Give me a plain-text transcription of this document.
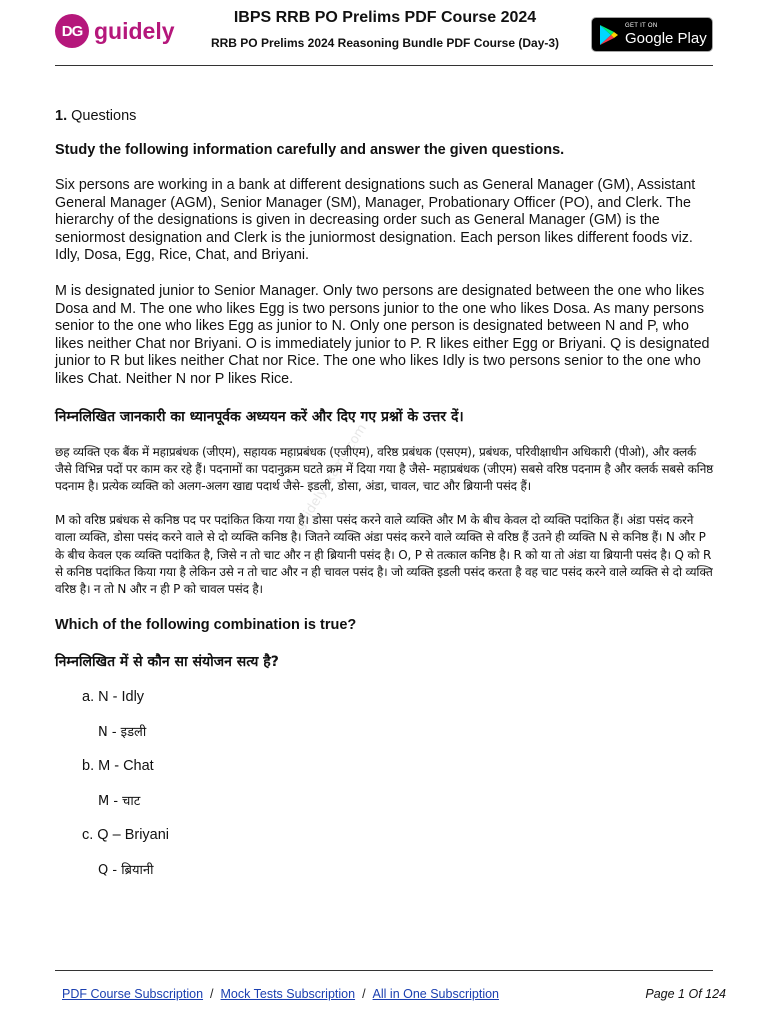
DG guidely	IBPS RRB PO Prelims PDF Course 2024
RRB PO Prelims 2024 Reasoning Bundle PDF Course (Day-3)
GET IT ON
Google Play
guidelyexams.com

1. Questions

Study the following information carefully and answer the given questions.

Six persons are working in a bank at different designations such as General Manager (GM), Assistant General Manager (AGM), Senior Manager (SM), Manager, Probationary Officer (PO), and Clerk. The hierarchy of the designations is given in decreasing order such as General Manager (GM) is the seniormost designation and Clerk is the juniormost designation. Each person likes different foods viz. Idly, Dosa, Egg, Rice, Chat, and Briyani.

M is designated junior to Senior Manager. Only two persons are designated between the one who likes Dosa and M. The one who likes Egg is two persons junior to the one who likes Dosa. As many persons senior to the one who likes Egg as junior to N. Only one person is designated between N and P, who likes neither Chat nor Briyani. O is immediately junior to P. R likes either Egg or Briyani. Q is designated junior to R but likes neither Chat nor Rice. The one who likes Idly is two persons senior to the one who likes Chat. Neither N nor P likes Rice.

निम्नलिखित जानकारी का ध्यानपूर्वक अध्ययन करें और दिए गए प्रश्नों के उत्तर दें।

छह व्यक्ति एक बैंक में महाप्रबंधक (जीएम), सहायक महाप्रबंधक (एजीएम), वरिष्ठ प्रबंधक (एसएम), प्रबंधक, परिवीक्षाधीन अधिकारी (पीओ), और क्लर्क जैसे विभिन्न पदों पर काम कर रहे हैं। पदनामों का पदानुक्रम घटते क्रम में दिया गया है जैसे- महाप्रबंधक (जीएम) सबसे वरिष्ठ पदनाम है और क्लर्क सबसे कनिष्ठ पदनाम है। प्रत्येक व्यक्ति को अलग-अलग खाद्य पदार्थ जैसे- इडली, डोसा, अंडा, चावल, चाट और ब्रियानी पसंद हैं।

M को वरिष्ठ प्रबंधक से कनिष्ठ पद पर पदांकित किया गया है। डोसा पसंद करने वाले व्यक्ति और M के बीच केवल दो व्यक्ति पदांकित हैं। अंडा पसंद करने वाला व्यक्ति, डोसा पसंद करने वाले से दो व्यक्ति कनिष्ठ है। जितने व्यक्ति अंडा पसंद करने वाले व्यक्ति से वरिष्ठ हैं उतने ही व्यक्ति N से कनिष्ठ हैं। N और P के बीच केवल एक व्यक्ति पदांकित है, जिसे न तो चाट और न ही ब्रियानी पसंद है। O, P से तत्काल कनिष्ठ है। R को या तो अंडा या ब्रियानी पसंद है। Q को R से कनिष्ठ पदांकित किया गया है लेकिन उसे न तो चाट और न ही चावल पसंद है। जो व्यक्ति इडली पसंद करता है वह चाट पसंद करने वाले व्यक्ति से दो व्यक्ति वरिष्ठ है। न तो N और न ही P को चावल पसंद है।

Which of the following combination is true?

निम्नलिखित में से कौन सा संयोजन सत्य है?

a. N - Idly

N - इडली

b. M - Chat

M - चाट

c. Q – Briyani

Q - ब्रियानी

PDF Course Subscription / Mock Tests Subscription / All in One Subscription	Page 1 Of 124
